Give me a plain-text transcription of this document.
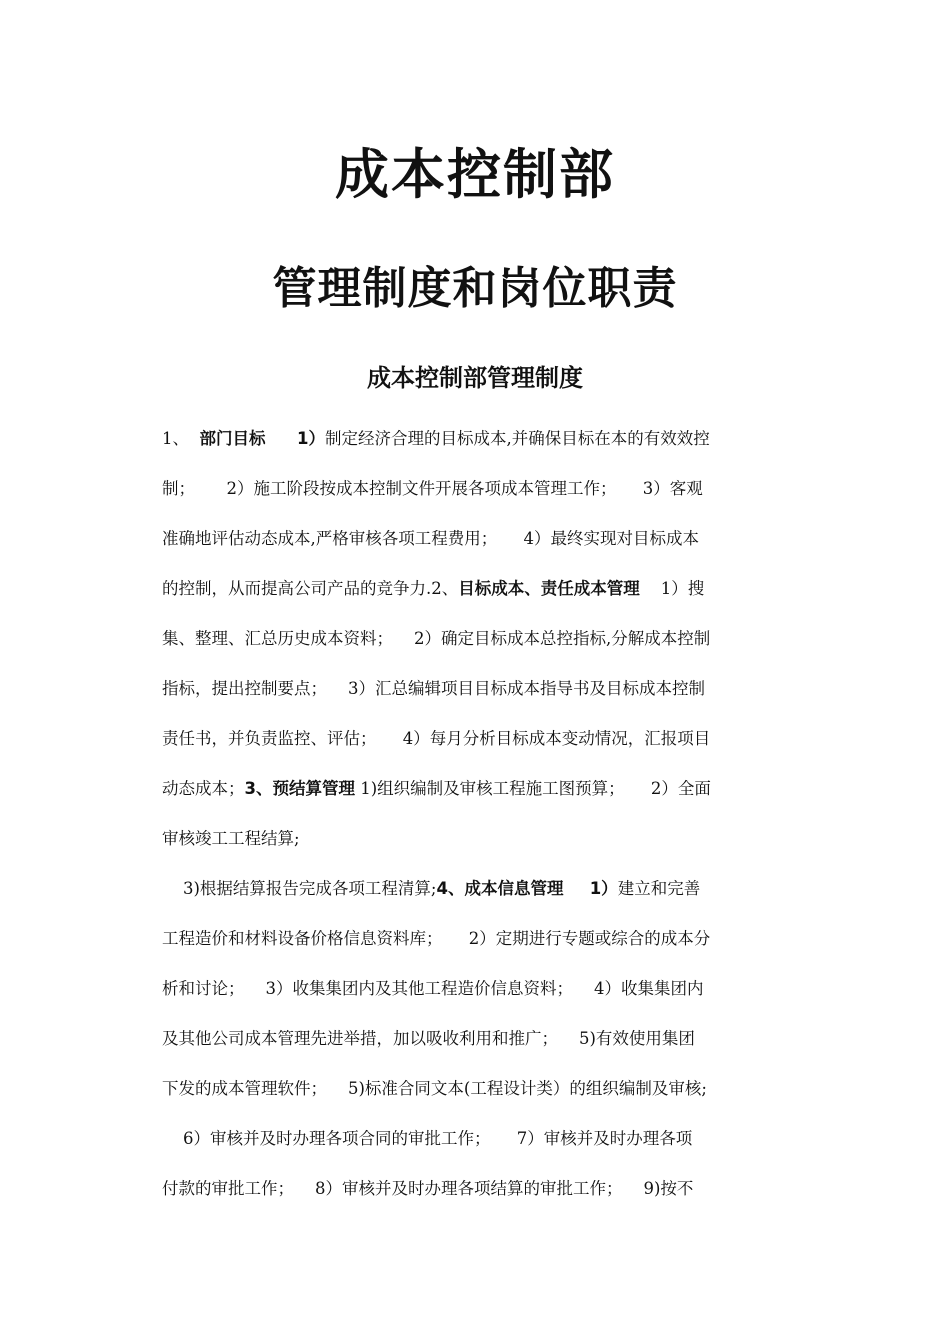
成本控制部
管理制度和岗位职责
成本控制部管理制度
1、  部门目标 1）制定经济合理的目标成本,并确保目标在本的有效效控
制；      2）施工阶段按成本控制文件开展各项成本管理工作；     3）客观
准确地评估动态成本,严格审核各项工程费用；     4）最终实现对目标成本
的控制，从而提高公司产品的竞争力.2、目标成本、责任成本管理    1）搜
集、整理、汇总历史成本资料；    2）确定目标成本总控指标,分解成本控制
指标，提出控制要点；    3）汇总编辑项目目标成本指导书及目标成本控制
责任书，并负责监控、评估；     4）每月分析目标成本变动情况，汇报项目
动态成本；3、预结算管理 1)组织编制及审核工程施工图预算；     2）全面
审核竣工工程结算;
3)根据结算报告完成各项工程清算;4、成本信息管理 1）建立和完善
工程造价和材料设备价格信息资料库；     2）定期进行专题或综合的成本分
析和讨论；    3）收集集团内及其他工程造价信息资料；    4）收集集团内
及其他公司成本管理先进举措，加以吸收利用和推广；    5)有效使用集团
下发的成本管理软件；    5)标准合同文本(工程设计类）的组织编制及审核;
6）审核并及时办理各项合同的审批工作；     7）审核并及时办理各项
付款的审批工作；    8）审核并及时办理各项结算的审批工作；    9)按不
